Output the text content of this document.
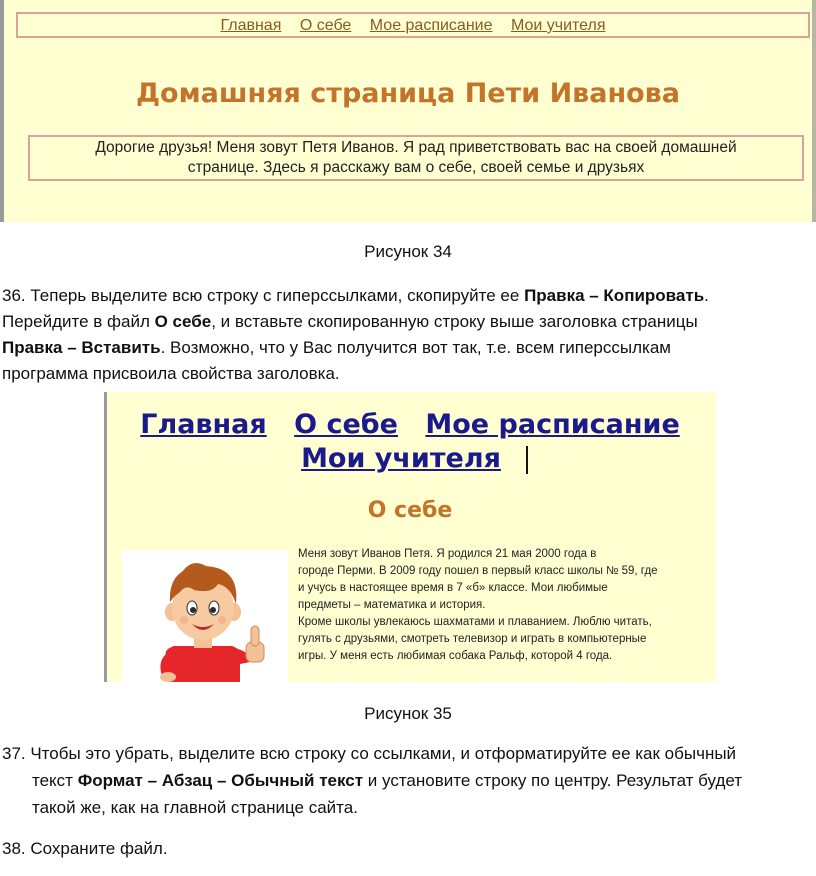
Главная О себе Мое расписание Мои учителя
Домашняя страница Пети Иванова
Дорогие друзья! Меня зовут Петя Иванов. Я рад приветствовать вас на своей домашней
странице. Здесь я расскажу вам о себе, своей семье и друзьях
Рисунок 34
36. Теперь выделите всю строку с гиперссылками, скопируйте ее Правка – Копировать.
Перейдите в файл О себе, и вставьте скопированную строку выше заголовка страницы
Правка – Вставить. Возможно, что у Вас получится вот так, т.е. всем гиперссылкам
программа присвоила свойства заголовка.
Главная О себе Мое расписание
Мои учителя
О себе
Меня зовут Иванов Петя. Я родился 21 мая 2000 года в
городе Перми. В 2009 году пошел в первый класс школы № 59, где
и учусь в настоящее время в 7 «б» классе. Мои любимые
предметы – математика и история.
Кроме школы увлекаюсь шахматами и плаванием. Люблю читать,
гулять с друзьями, смотреть телевизор и играть в компьютерные
игры. У меня есть любимая собака Ральф, которой 4 года.
Рисунок 35
37. Чтобы это убрать, выделите всю строку со ссылками, и отформатируйте ее как обычный
текст Формат – Абзац – Обычный текст и установите строку по центру. Результат будет
такой же, как на главной странице сайта.
38. Сохраните файл.
